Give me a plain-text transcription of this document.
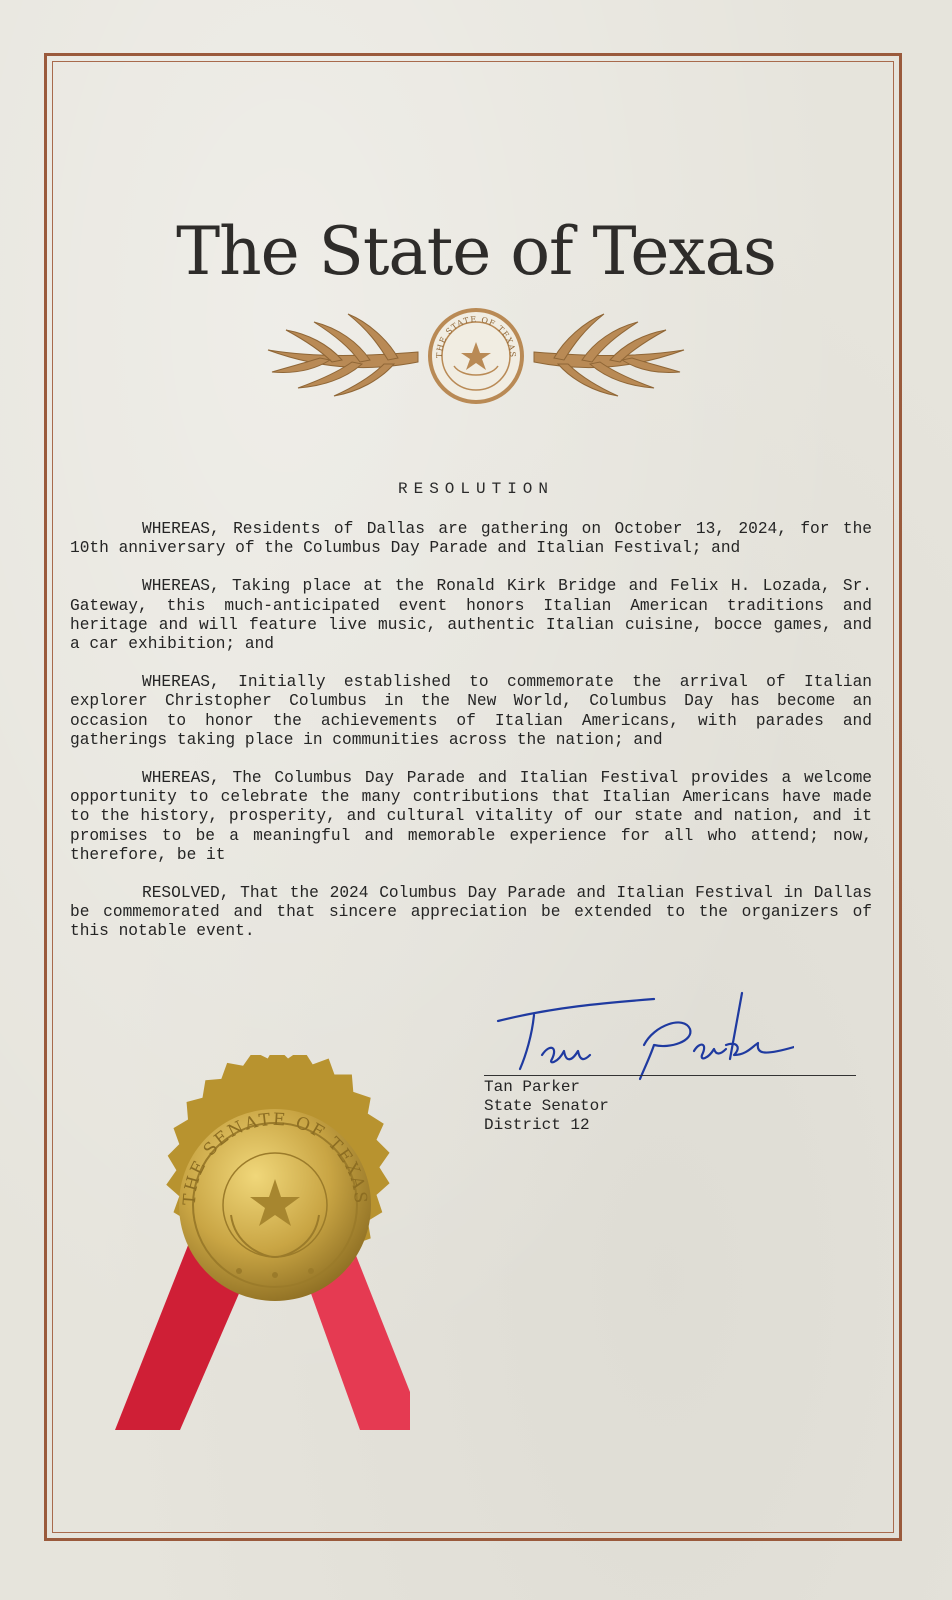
The State of Texas
THE STATE OF TEXAS
RESOLUTION

WHEREAS, Residents of Dallas are gathering on October 13, 2024, for the 10th anniversary of the Columbus Day Parade and Italian Festival; and

WHEREAS, Taking place at the Ronald Kirk Bridge and Felix H. Lozada, Sr. Gateway, this much-anticipated event honors Italian American traditions and heritage and will feature live music, authentic Italian cuisine, bocce games, and a car exhibition; and

WHEREAS, Initially established to commemorate the arrival of Italian explorer Christopher Columbus in the New World, Columbus Day has become an occasion to honor the achievements of Italian Americans, with parades and gatherings taking place in communities across the nation; and

WHEREAS, The Columbus Day Parade and Italian Festival provides a welcome opportunity to celebrate the many contributions that Italian Americans have made to the history, prosperity, and cultural vitality of our state and nation, and it promises to be a meaningful and memorable experience for all who attend; now, therefore, be it

RESOLVED, That the 2024 Columbus Day Parade and Italian Festival in Dallas be commemorated and that sincere appreciation be extended to the organizers of this notable event.

Tan Parker
State Senator
District 12
THE SENATE OF TEXAS
